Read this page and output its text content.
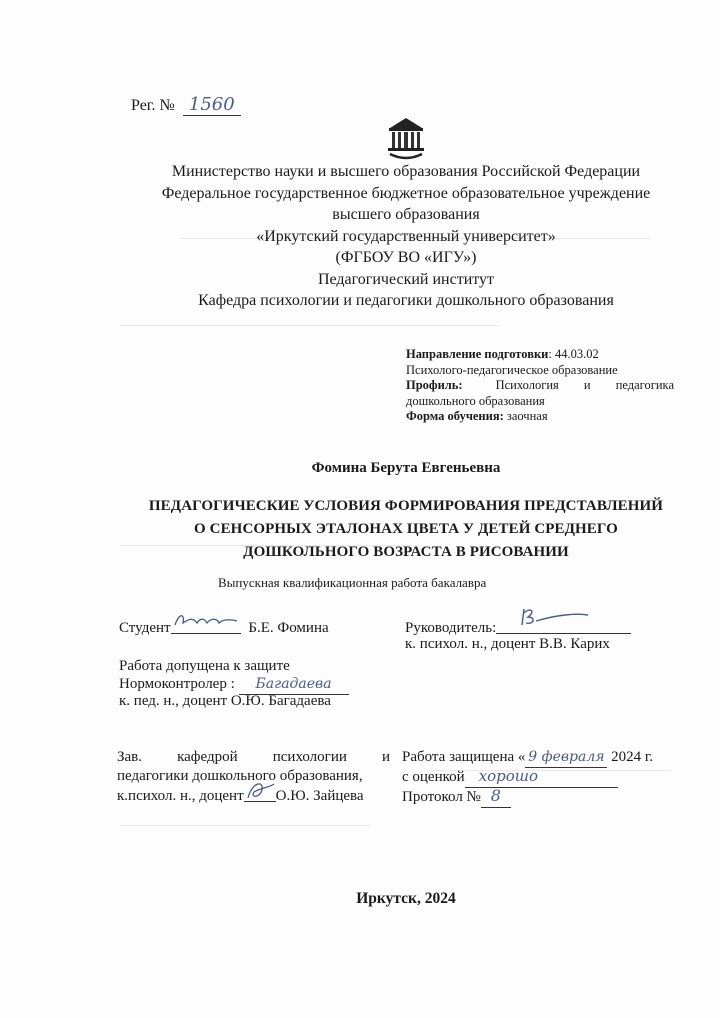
Рег. № 1560
Министерство науки и высшего образования Российской Федерации
Федеральное государственное бюджетное образовательное учреждение
высшего образования
«Иркутский государственный университет»
(ФГБОУ ВО «ИГУ»)
Педагогический институт
Кафедра психологии и педагогики дошкольного образования
Направление подготовки: 44.03.02
Психолого-педагогическое образование
Профиль:	Психология и педагогика
дошкольного образования
Форма обучения: заочная
Фомина Берута Евгеньевна
ПЕДАГОГИЧЕСКИЕ УСЛОВИЯ ФОРМИРОВАНИЯ ПРЕДСТАВЛЕНИЙ
О СЕНСОРНЫХ ЭТАЛОНАХ ЦВЕТА У ДЕТЕЙ СРЕДНЕГО
ДОШКОЛЬНОГО ВОЗРАСТА В РИСОВАНИИ
Выпускная квалификационная работа бакалавра
Студент	Б.Е. Фомина	Руководитель:
к. психол. н., доцент В.В. Карих
Работа допущена к защите
Нормоконтролер : Багадаева
к. пед. н., доцент О.Ю. Багадаева
Зав. кафедрой психологии и
педагогики дошкольного образования,
к.психол. н., доцент О.Ю. Зайцева
Работа защищена « 9 февраля 2024 г.
с оценкой хорошо
Протокол № 8
Иркутск, 2024
